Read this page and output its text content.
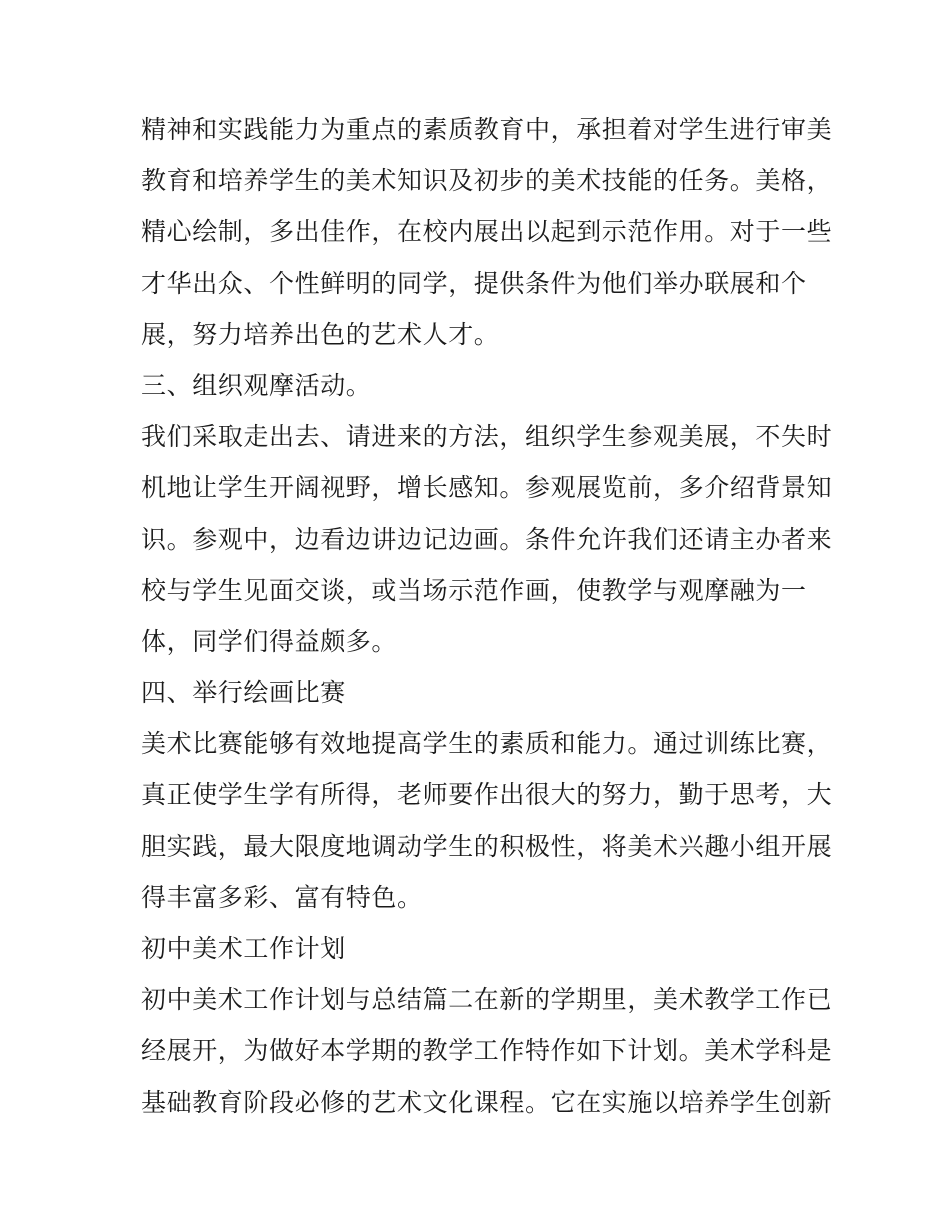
精神和实践能力为重点的素质教育中，承担着对学生进行审美
教育和培养学生的美术知识及初步的美术技能的任务。美格，
精心绘制，多出佳作，在校内展出以起到示范作用。对于一些
才华出众、个性鲜明的同学，提供条件为他们举办联展和个
展，努力培养出色的艺术人才。
三、组织观摩活动。
我们采取走出去、请进来的方法，组织学生参观美展，不失时
机地让学生开阔视野，增长感知。参观展览前，多介绍背景知
识。参观中，边看边讲边记边画。条件允许我们还请主办者来
校与学生见面交谈，或当场示范作画，使教学与观摩融为一
体，同学们得益颇多。
四、举行绘画比赛
美术比赛能够有效地提高学生的素质和能力。通过训练比赛，
真正使学生学有所得，老师要作出很大的努力，勤于思考，大
胆实践，最大限度地调动学生的积极性，将美术兴趣小组开展
得丰富多彩、富有特色。
初中美术工作计划
初中美术工作计划与总结篇二在新的学期里，美术教学工作已
经展开，为做好本学期的教学工作特作如下计划。美术学科是
基础教育阶段必修的艺术文化课程。它在实施以培养学生创新
